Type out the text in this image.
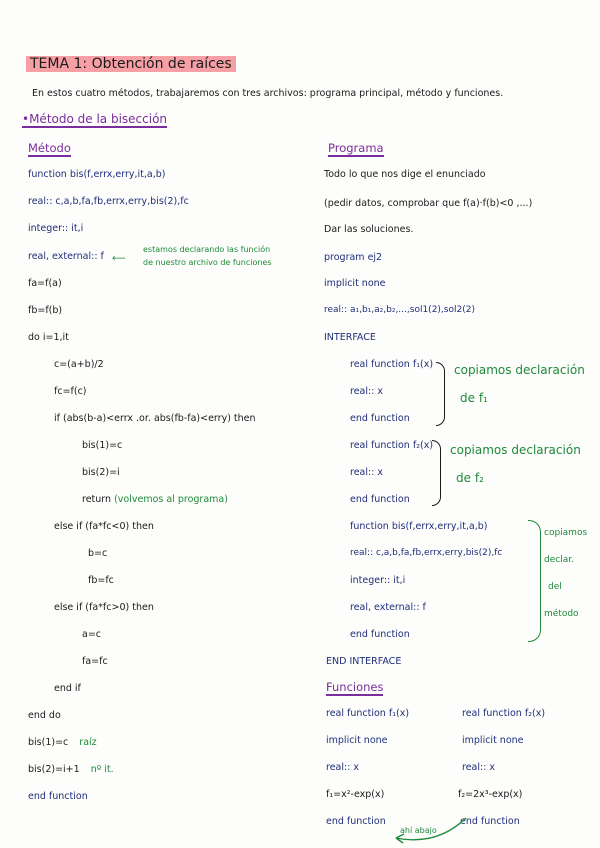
TEMA 1: Obtención de raíces
En estos cuatro métodos, trabajaremos con tres archivos: programa principal, método y funciones.
•Método de la bisección
Método
function bis(f,errx,erry,it,a,b)
real:: c,a,b,fa,fb,errx,erry,bis(2),fc
integer:: it,i
real, external:: f ⟵
estamos declarando las función
de nuestro archivo de funciones
fa=f(a)
fb=f(b)
do i=1,it
c=(a+b)/2
fc=f(c)
if (abs(b-a)<errx .or. abs(fb-fa)<erry) then
bis(1)=c
bis(2)=i
return (volvemos al programa)
else if (fa*fc<0) then
b=c
fb=fc
else if (fa*fc>0) then
a=c
fa=fc
end if
end do
bis(1)=c raíz
bis(2)=i+1 nº it.
end function
Programa
Todo lo que nos dige el enunciado
(pedir datos, comprobar que f(a)·f(b)<0 ,...)
Dar las soluciones.
program ej2
implicit none
real:: a₁,b₁,a₂,b₂,...,sol1(2),sol2(2)
INTERFACE
real function f₁(x)
real:: x
end function
copiamos declaración
de f₁
real function f₂(x)
real:: x
end function
copiamos declaración
de f₂
function bis(f,errx,erry,it,a,b)
real:: c,a,b,fa,fb,errx,erry,bis(2),fc
integer:: it,i
real, external:: f
end function
copiamos
declar.
del
método
END INTERFACE
Funciones
real function f₁(x)
implicit none
real:: x
f₁=x²-exp(x)
end function
real function f₂(x)
implicit none
real:: x
f₂=2x³-exp(x)
end function
ahí abajo
